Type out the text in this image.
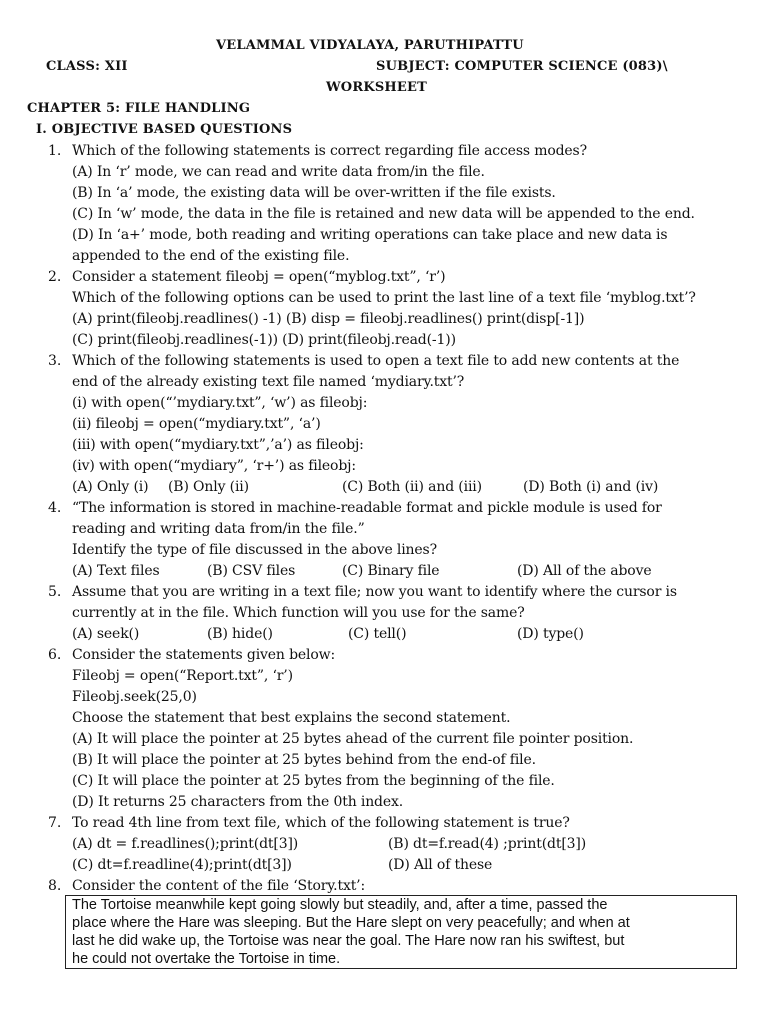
VELAMMAL VIDYALAYA, PARUTHIPATTU
CLASS: XII	SUBJECT: COMPUTER SCIENCE (083)\
WORKSHEET
CHAPTER 5: FILE HANDLING
I. OBJECTIVE BASED QUESTIONS
1. Which of the following statements is correct regarding file access modes?
(A) In ‘r’ mode, we can read and write data from/in the file.
(B) In ‘a’ mode, the existing data will be over-written if the file exists.
(C) In ‘w’ mode, the data in the file is retained and new data will be appended to the end.
(D) In ‘a+’ mode, both reading and writing operations can take place and new data is
appended to the end of the existing file.
2. Consider a statement fileobj = open(“myblog.txt”, ‘r’)
Which of the following options can be used to print the last line of a text file ‘myblog.txt’?
(A) print(fileobj.readlines() -1) (B) disp = fileobj.readlines() print(disp[-1])
(C) print(fileobj.readlines(-1)) (D) print(fileobj.read(-1))
3. Which of the following statements is used to open a text file to add new contents at the
end of the already existing text file named ‘mydiary.txt’?
(i) with open(“’mydiary.txt”, ‘w’) as fileobj:
(ii) fileobj = open(“mydiary.txt”, ‘a’)
(iii) with open(“mydiary.txt”,’a’) as fileobj:
(iv) with open(“mydiary”, ‘r+’) as fileobj:
(A) Only (i) (B) Only (ii)	(C) Both (ii) and (iii)	(D) Both (i) and (iv)
4. “The information is stored in machine-readable format and pickle module is used for
reading and writing data from/in the file.”
Identify the type of file discussed in the above lines?
(A) Text files	(B) CSV files	(C) Binary file	(D) All of the above
5. Assume that you are writing in a text file; now you want to identify where the cursor is
currently at in the file. Which function will you use for the same?
(A) seek()	(B) hide()	(C) tell()	(D) type()
6. Consider the statements given below:
Fileobj = open(“Report.txt”, ‘r’)
Fileobj.seek(25,0)
Choose the statement that best explains the second statement.
(A) It will place the pointer at 25 bytes ahead of the current file pointer position.
(B) It will place the pointer at 25 bytes behind from the end-of file.
(C) It will place the pointer at 25 bytes from the beginning of the file.
(D) It returns 25 characters from the 0th index.
7. To read 4th line from text file, which of the following statement is true?
(A) dt = f.readlines();print(dt[3])	(B) dt=f.read(4) ;print(dt[3])
(C) dt=f.readline(4);print(dt[3])	(D) All of these
8. Consider the content of the file ‘Story.txt’:
The Tortoise meanwhile kept going slowly but steadily, and, after a time, passed the
place where the Hare was sleeping. But the Hare slept on very peacefully; and when at
last he did wake up, the Tortoise was near the goal. The Hare now ran his swiftest, but
he could not overtake the Tortoise in time.
